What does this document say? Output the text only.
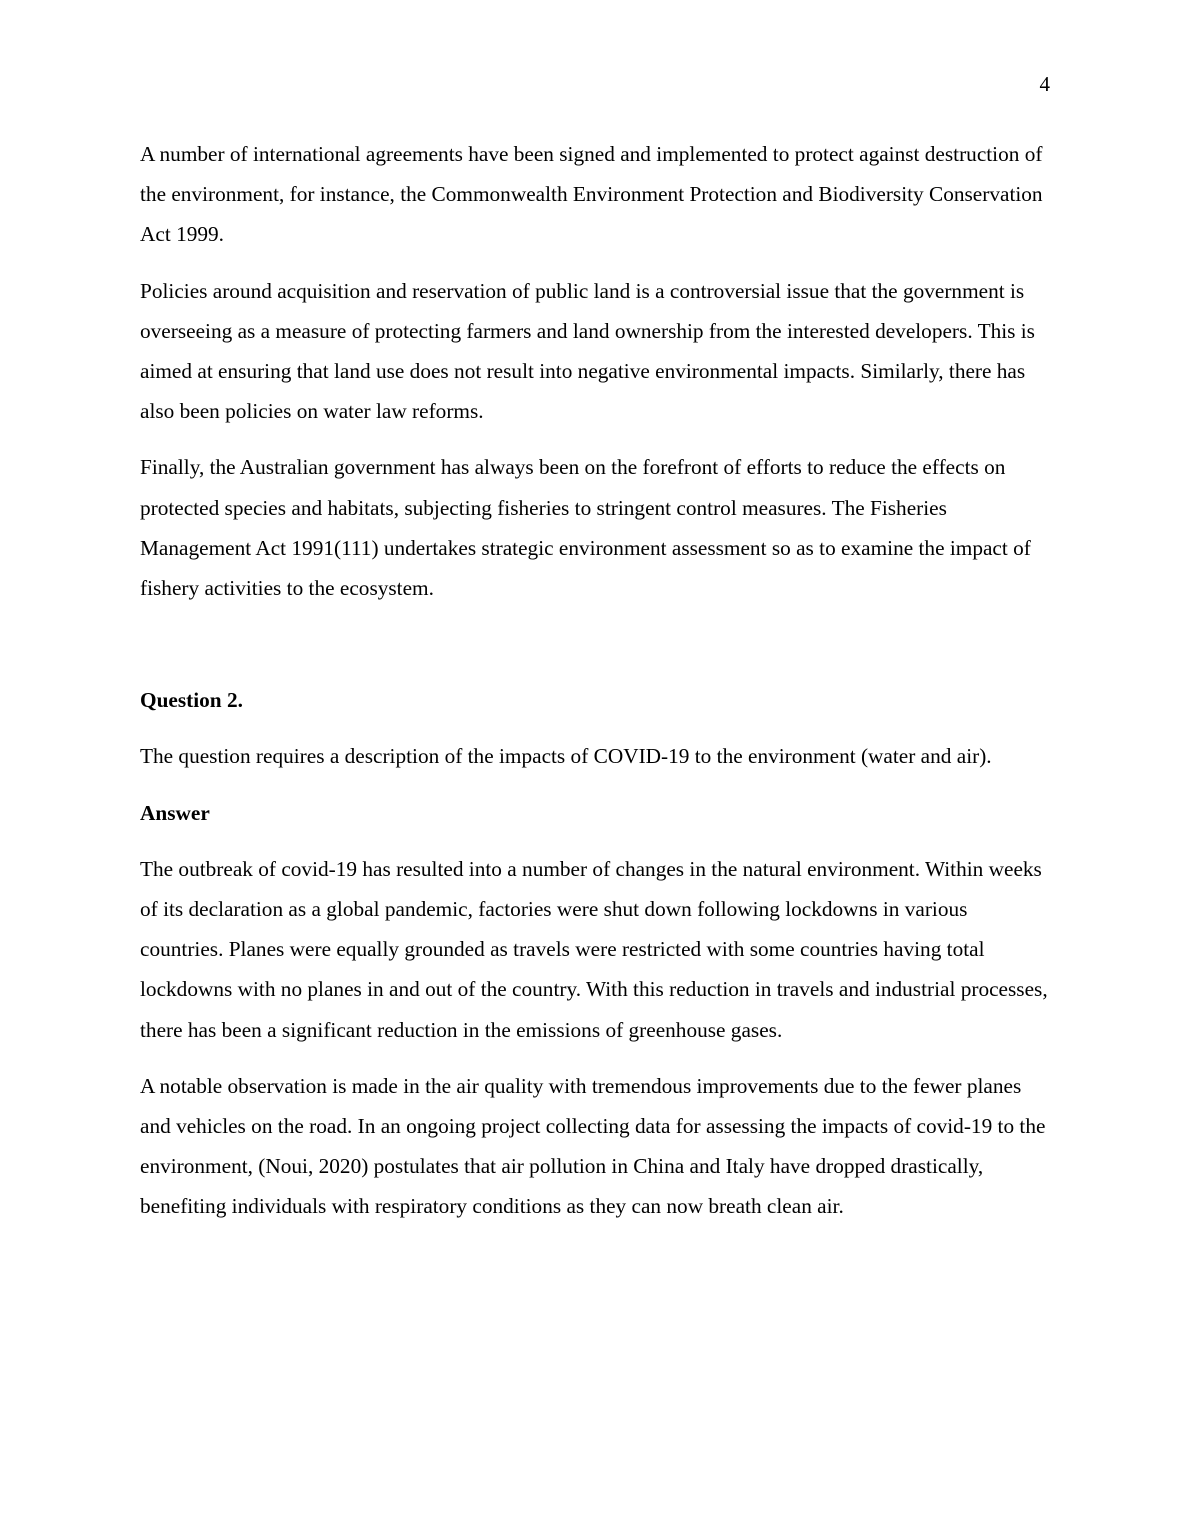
4

A number of international agreements have been signed and implemented to protect against destruction of the environment, for instance, the Commonwealth Environment Protection and Biodiversity Conservation Act 1999.

Policies around acquisition and reservation of public land is a controversial issue that the government is overseeing as a measure of protecting farmers and land ownership from the interested developers. This is aimed at ensuring that land use does not result into negative environmental impacts. Similarly, there has also been policies on water law reforms.

Finally, the Australian government has always been on the forefront of efforts to reduce the effects on protected species and habitats, subjecting fisheries to stringent control measures. The Fisheries Management Act 1991(111) undertakes strategic environment assessment so as to examine the impact of fishery activities to the ecosystem.

Question 2.

The question requires a description of the impacts of COVID-19 to the environment (water and air).

Answer

The outbreak of covid-19 has resulted into a number of changes in the natural environment. Within weeks of its declaration as a global pandemic, factories were shut down following lockdowns in various countries. Planes were equally grounded as travels were restricted with some countries having total lockdowns with no planes in and out of the country. With this reduction in travels and industrial processes, there has been a significant reduction in the emissions of greenhouse gases.

A notable observation is made in the air quality with tremendous improvements due to the fewer planes and vehicles on the road. In an ongoing project collecting data for assessing the impacts of covid-19 to the environment, (Noui, 2020) postulates that air pollution in China and Italy have dropped drastically, benefiting individuals with respiratory conditions as they can now breath clean air.
